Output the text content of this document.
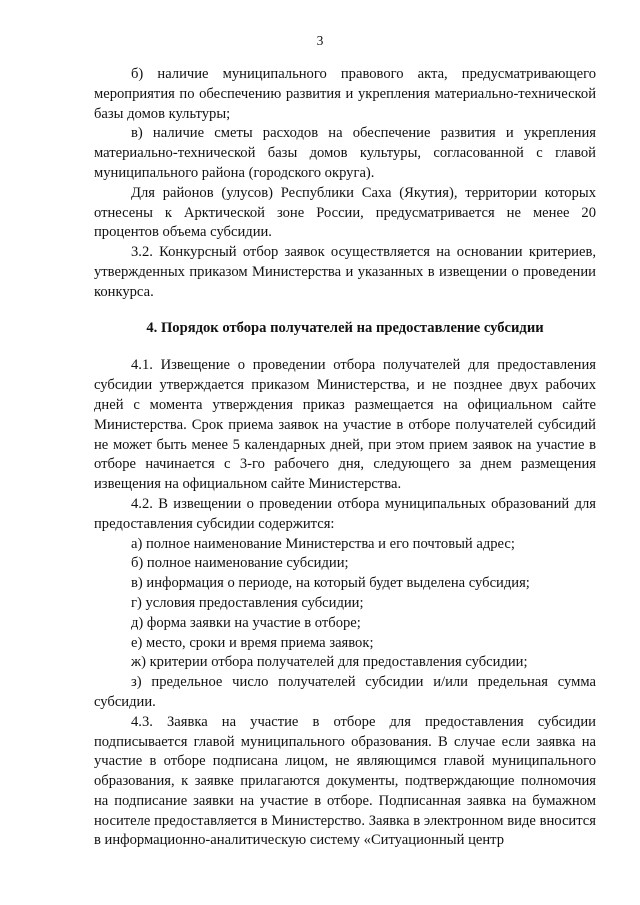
3

б) наличие муниципального правового акта, предусматривающего мероприятия по обеспечению развития и укрепления материально-технической базы домов культуры;

в) наличие сметы расходов на обеспечение развития и укрепления материально-технической базы домов культуры, согласованной с главой муниципального района (городского округа).

Для районов (улусов) Республики Саха (Якутия), территории которых отнесены к Арктической зоне России, предусматривается не менее 20 процентов объема субсидии.

3.2. Конкурсный отбор заявок осуществляется на основании критериев, утвержденных приказом Министерства и указанных в извещении о проведении конкурса.

4. Порядок отбора получателей на предоставление субсидии

4.1. Извещение о проведении отбора получателей для предоставления субсидии утверждается приказом Министерства, и не позднее двух рабочих дней с момента утверждения приказ размещается на официальном сайте Министерства. Срок приема заявок на участие в отборе получателей субсидий не может быть менее 5 календарных дней, при этом прием заявок на участие в отборе начинается с 3-го рабочего дня, следующего за днем размещения извещения на официальном сайте Министерства.

4.2. В извещении о проведении отбора муниципальных образований для предоставления субсидии содержится:

а) полное наименование Министерства и его почтовый адрес;

б) полное наименование субсидии;

в) информация о периоде, на который будет выделена субсидия;

г) условия предоставления субсидии;

д) форма заявки на участие в отборе;

е) место, сроки и время приема заявок;

ж) критерии отбора получателей для предоставления субсидии;

з) предельное число получателей субсидии и/или предельная сумма субсидии.

4.3. Заявка на участие в отборе для предоставления субсидии подписывается главой муниципального образования. В случае если заявка на участие в отборе подписана лицом, не являющимся главой муниципального образования, к заявке прилагаются документы, подтверждающие полномочия на подписание заявки на участие в отборе. Подписанная заявка на бумажном носителе предоставляется в Министерство. Заявка в электронном виде вносится в информационно-аналитическую систему «Ситуационный центр
